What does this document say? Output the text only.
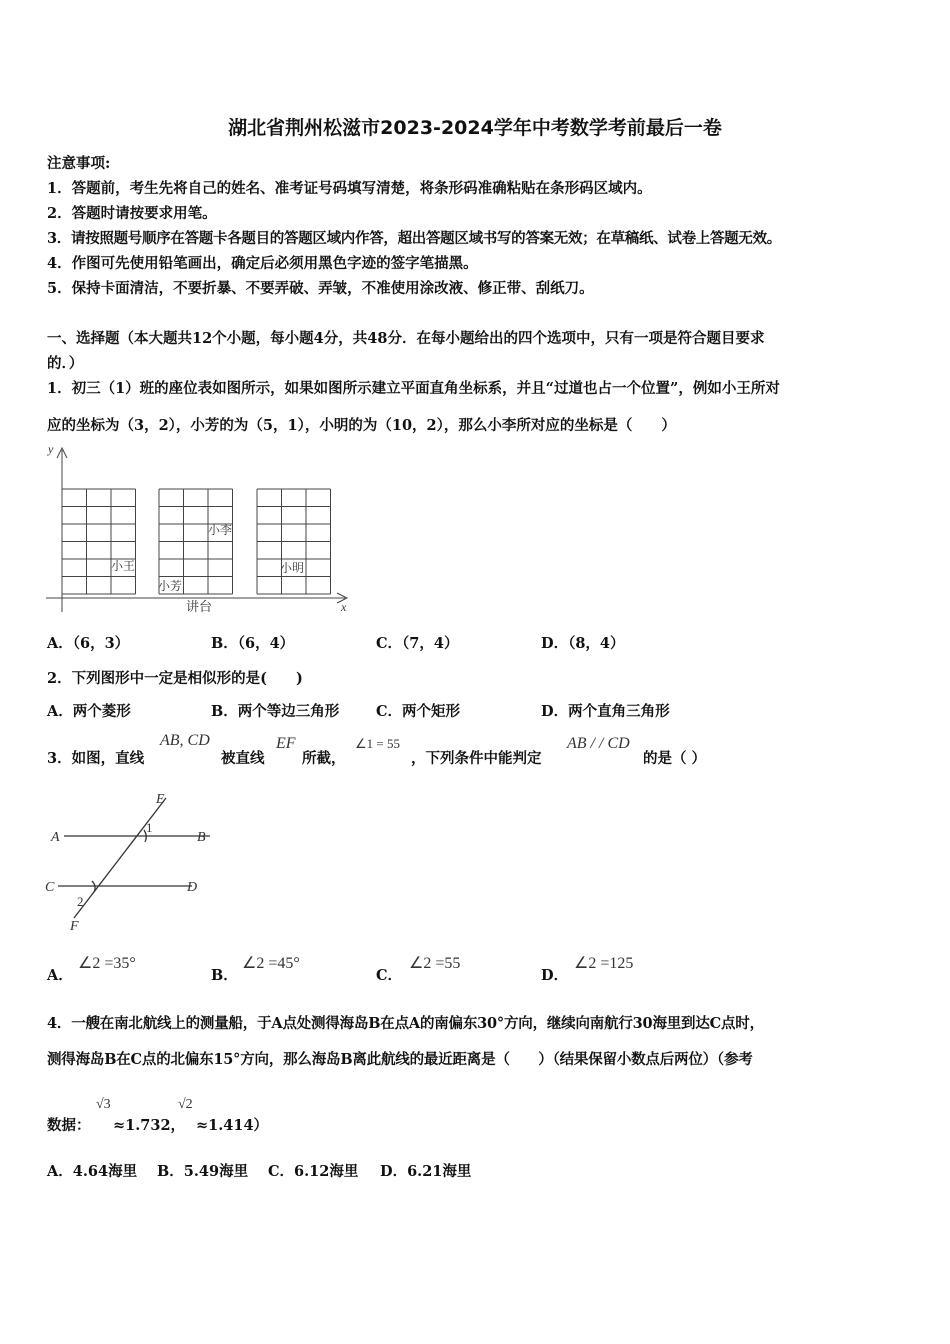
湖北省荆州松滋市2023-2024学年中考数学考前最后一卷
注意事项:
1．答题前，考生先将自己的姓名、准考证号码填写清楚，将条形码准确粘贴在条形码区域内。
2．答题时请按要求用笔。
3．请按照题号顺序在答题卡各题目的答题区域内作答，超出答题区域书写的答案无效；在草稿纸、试卷上答题无效。
4．作图可先使用铅笔画出，确定后必须用黑色字迹的签字笔描黑。
5．保持卡面清洁，不要折暴、不要弄破、弄皱，不准使用涂改液、修正带、刮纸刀。
一、选择题（本大题共12个小题，每小题4分，共48分．在每小题给出的四个选项中，只有一项是符合题目要求
的．）
1．初三（1）班的座位表如图所示，如果如图所示建立平面直角坐标系，并且“过道也占一个位置”，例如小王所对
应的坐标为（3，2），小芳的为（5，1），小明的为（10，2），那么小李所对应的坐标是（　　）
y
x
小王
小芳
小李
小明
讲台
A．（6，3）	B．（6，4）	C．（7，4）	D．（8，4）
2．下列图形中一定是相似形的是(　　)
A．两个菱形	B．两个等边三角形	C．两个矩形	D．两个直角三角形
3．如图，直线
AB, CD
被直线
EF
所截，
∠1 = 55
，下列条件中能判定
AB / / CD
的是（ ）
E
A	B
C	D
F
1
2
A．
∠2 =35°
B．
∠2 =45°
C．
∠2 =55
D．
∠2 =125
4．一艘在南北航线上的测量船，于A点处测得海岛B在点A的南偏东30°方向，继续向南航行30海里到达C点时，
测得海岛B在C点的北偏东15°方向，那么海岛B离此航线的最近距离是（　　）（结果保留小数点后两位）（参考
数据：
√3
≈1.732，
√2
≈1.414）
A．4.64海里 B．5.49海里 C．6.12海里 D．6.21海里
